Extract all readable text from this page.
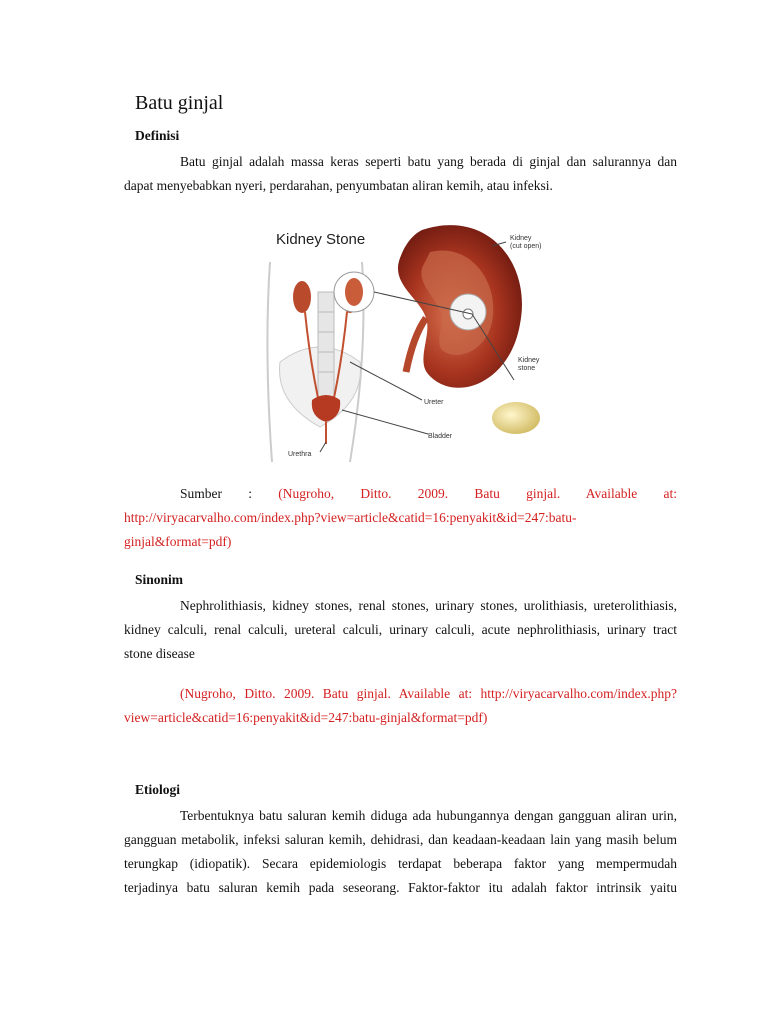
Batu ginjal
Definisi
Batu ginjal adalah massa keras seperti batu yang berada di ginjal dan salurannya dan
dapat menyebabkan nyeri, perdarahan, penyumbatan aliran kemih, atau infeksi.
Kidney Stone	Kidney
(cut open)
Kidney
stone
Ureter
Bladder
Urethra
Sumber : (Nugroho, Ditto. 2009. Batu ginjal. Available at:
http://viryacarvalho.com/index.php?view=article&catid=16:penyakit&id=247:batu-
ginjal&format=pdf)
Sinonim
Nephrolithiasis, kidney stones, renal stones, urinary stones, urolithiasis, ureterolithiasis,
kidney calculi, renal calculi, ureteral calculi, urinary calculi, acute nephrolithiasis, urinary tract
stone disease
(Nugroho, Ditto. 2009. Batu ginjal. Available at: http://viryacarvalho.com/index.php?
view=article&catid=16:penyakit&id=247:batu-ginjal&format=pdf)
Etiologi
Terbentuknya batu saluran kemih diduga ada hubungannya dengan gangguan aliran urin,
gangguan metabolik, infeksi saluran kemih, dehidrasi, dan keadaan-keadaan lain yang masih belum
terungkap (idiopatik). Secara epidemiologis terdapat beberapa faktor yang mempermudah
terjadinya batu saluran kemih pada seseorang. Faktor-faktor itu adalah faktor intrinsik yaitu
